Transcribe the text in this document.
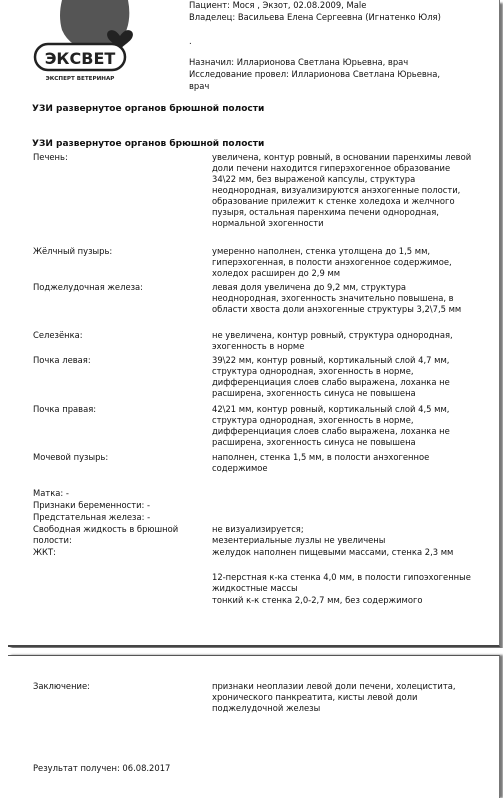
ЭКСВЕТ
ЭКСПЕРТ ВЕТЕРИНАР
Пациент: Мося , Экзот, 02.08.2009, Male
Владелец: Васильева Елена Сергеевна (Игнатенко Юля)
.
Назначил: Илларионова Светлана Юрьевна, врач
Исследование провел: Илларионова Светлана Юрьевна,
врач
УЗИ развернутое органов брюшной полости
УЗИ развернутое органов брюшной полости
Печень:	увеличена, контур ровный, в основании паренхимы левой доли печени находится гиперэхогенное образование 34\22 мм, без выраженой капсулы, структура неоднородная, визуализируются анэхогенные полости, образование прилежит к стенке холедоха и желчного пузыря, остальная паренхима печени однородная, нормальной эхогенности
Жёлчный пузырь:	умеренно наполнен, стенка утолщена до 1,5 мм, гиперэхогенная, в полости анэхогенное содержимое, холедох расширен до 2,9 мм
Поджелудочная железа:	левая доля увеличена до 9,2 мм, структура неоднородная, эхогенность значительно повышена, в области хвоста доли анэхогенные структуры 3,2\7,5 мм
Селезёнка:	не увеличена, контур ровный, структура однородная, эхогенность в норме
Почка левая:	39\22 мм, контур ровный, кортикальный слой 4,7 мм, структура однородная, эхогенность в норме, дифференциация слоев слабо выражена, лоханка не расширена, эхогенность синуса не повышена
Почка правая:	42\21 мм, контур ровный, кортикальный слой 4,5 мм, структура однородная, эхогенность в норме, дифференциация слоев слабо выражена, лоханка не расширена, эхогенность синуса не повышена
Мочевой пузырь:	наполнен, стенка 1,5 мм, в полости анэхогенное содержимое
Матка: -
Признаки беременности: -
Предстательная железа: -
Свободная жидкость в брюшной
полости:
не визуализируется;
мезентериальные лузлы не увеличены
ЖКТ:	желудок наполнен пищевыми массами, стенка 2,3 мм
12-перстная к-ка стенка 4,0 мм, в полости гипоэхогенные жидкостные массы
тонкий к-к стенка 2,0-2,7 мм, без содержимого
Заключение:	признаки неоплазии левой доли печени, холецистита, хронического панкреатита, кисты левой доли поджелудочной железы
Результат получен: 06.08.2017
